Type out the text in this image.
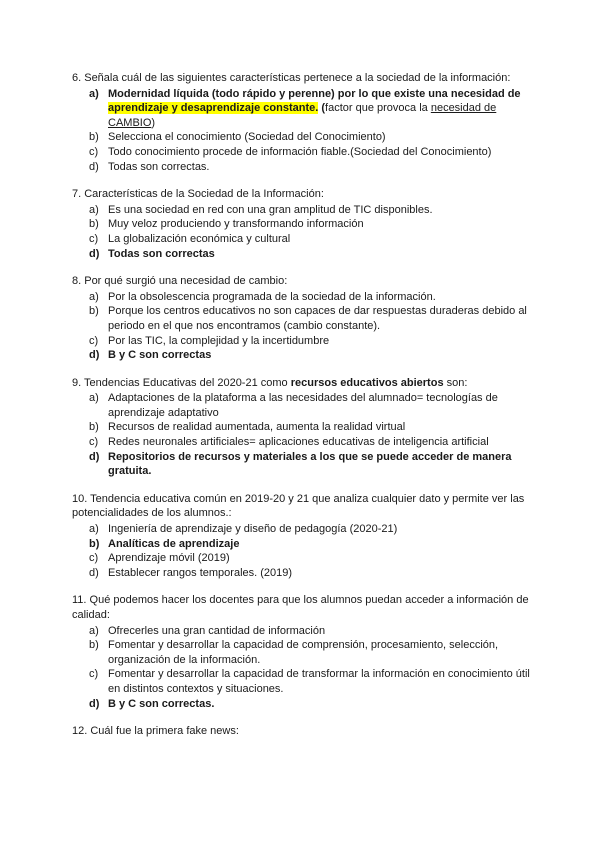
6. Señala cuál de las siguientes características pertenece a la sociedad de la información:

a) Modernidad líquida (todo rápido y perenne) por lo que existe una necesidad de aprendizaje y desaprendizaje constante. (factor que provoca la necesidad de CAMBIO)
b) Selecciona el conocimiento (Sociedad del Conocimiento)
c) Todo conocimiento procede de información fiable.(Sociedad del Conocimiento)
d) Todas son correctas.

7. Características de la Sociedad de la Información:

a) Es una sociedad en red con una gran amplitud de TIC disponibles.
b) Muy veloz produciendo y transformando información
c) La globalización económica y cultural
d) Todas son correctas

8. Por qué surgió una necesidad de cambio:

a) Por la obsolescencia programada de la sociedad de la información.
b) Porque los centros educativos no son capaces de dar respuestas duraderas debido al periodo en el que nos encontramos (cambio constante).
c) Por las TIC, la complejidad y la incertidumbre
d) B y C son correctas

9. Tendencias Educativas del 2020-21 como recursos educativos abiertos son:

a) Adaptaciones de la plataforma a las necesidades del alumnado= tecnologías de aprendizaje adaptativo
b) Recursos de realidad aumentada, aumenta la realidad virtual
c) Redes neuronales artificiales= aplicaciones educativas de inteligencia artificial
d) Repositorios de recursos y materiales a los que se puede acceder de manera gratuita.

10. Tendencia educativa común en 2019-20 y 21 que analiza cualquier dato y permite ver las potencialidades de los alumnos.:

a) Ingeniería de aprendizaje y diseño de pedagogía (2020-21)
b) Analíticas de aprendizaje
c) Aprendizaje móvil (2019)
d) Establecer rangos temporales. (2019)

11. Qué podemos hacer los docentes para que los alumnos puedan acceder a información de calidad:

a) Ofrecerles una gran cantidad de información
b) Fomentar y desarrollar la capacidad de comprensión, procesamiento, selección, organización de la información.
c) Fomentar y desarrollar la capacidad de transformar la información en conocimiento útil en distintos contextos y situaciones.
d) B y C son correctas.

12. Cuál fue la primera fake news:
